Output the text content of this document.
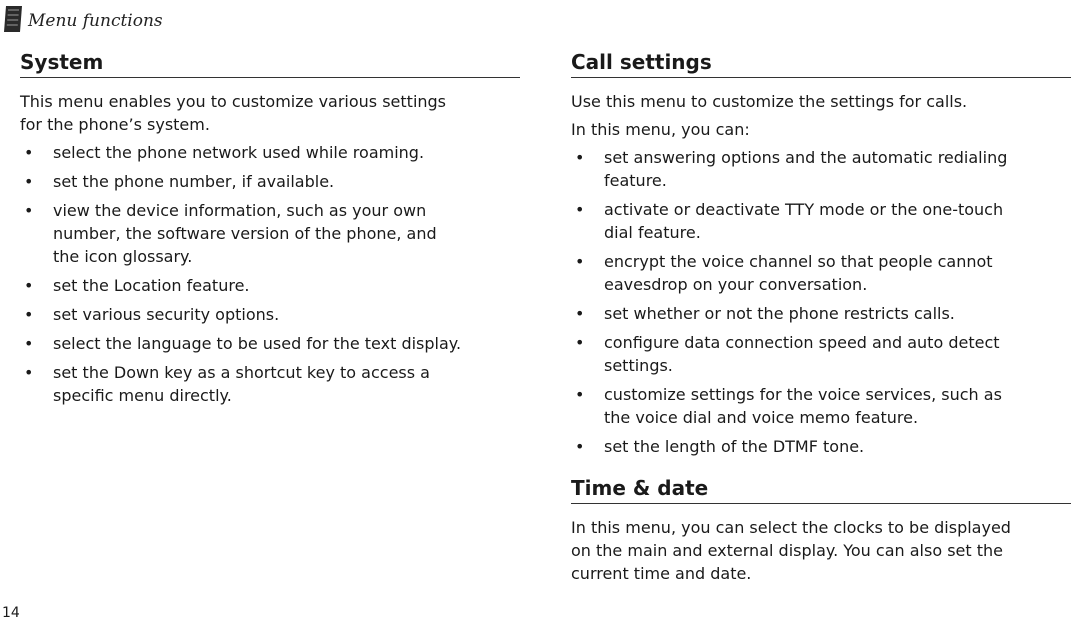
Menu functions
System

This menu enables you to customize various settings
for the phone’s system.

• select the phone network used while roaming.
• set the phone number, if available.
• view the device information, such as your own
number, the software version of the phone, and
the icon glossary.
• set the Location feature.
• set various security options.
• select the language to be used for the text display.
• set the Down key as a shortcut key to access a
specific menu directly.
Call settings

Use this menu to customize the settings for calls.

In this menu, you can:

• set answering options and the automatic redialing
feature.
• activate or deactivate TTY mode or the one-touch
dial feature.
• encrypt the voice channel so that people cannot
eavesdrop on your conversation.
• set whether or not the phone restricts calls.
• configure data connection speed and auto detect
settings.
• customize settings for the voice services, such as
the voice dial and voice memo feature.
• set the length of the DTMF tone.
Time & date

In this menu, you can select the clocks to be displayed
on the main and external display. You can also set the
current time and date.

14
